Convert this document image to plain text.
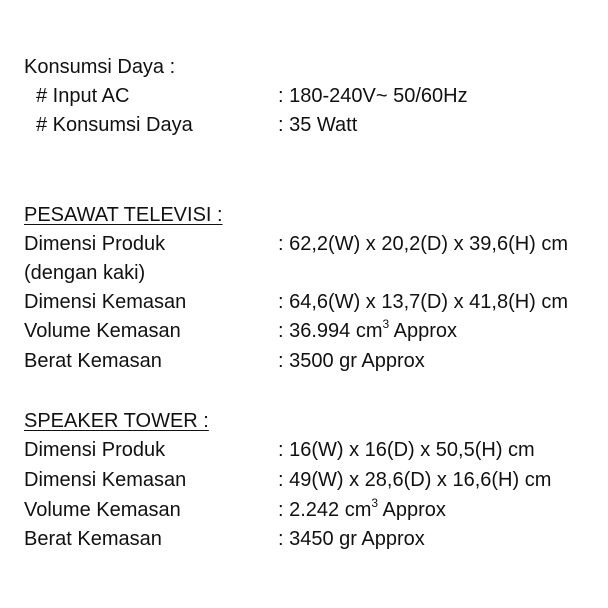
Konsumsi Daya :
# Input AC	: 180-240V~ 50/60Hz
# Konsumsi Daya	: 35 Watt
PESAWAT TELEVISI :
Dimensi Produk	: 62,2(W) x 20,2(D) x 39,6(H) cm
(dengan kaki)
Dimensi Kemasan	: 64,6(W) x 13,7(D) x 41,8(H) cm
Volume Kemasan	: 36.994 $cm^3$ Approx
Berat Kemasan	: 3500 gr Approx
SPEAKER TOWER :
Dimensi Produk	: 16(W) x 16(D) x 50,5(H) cm
Dimensi Kemasan	: 49(W) x 28,6(D) x 16,6(H) cm
Volume Kemasan	: 2.242 $cm^3$ Approx
Berat Kemasan	: 3450 gr Approx
